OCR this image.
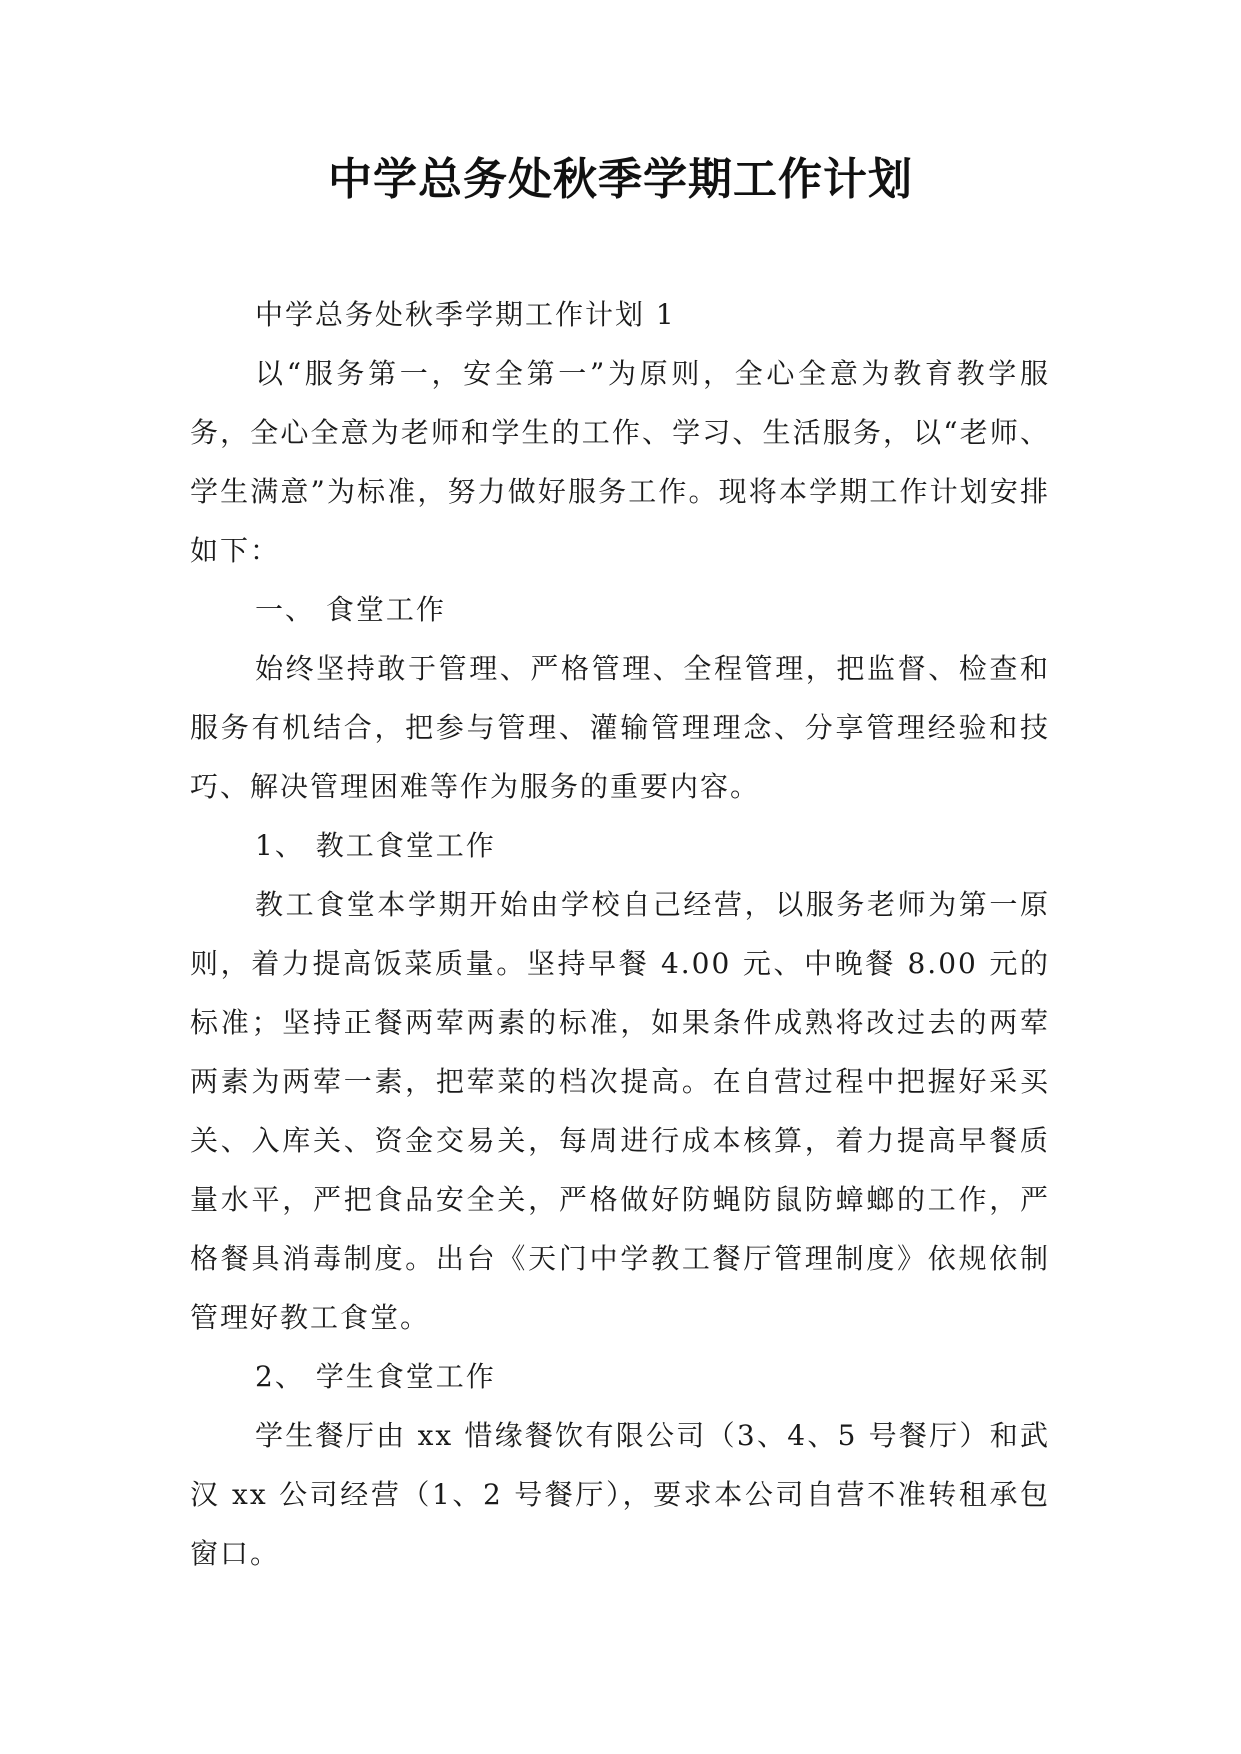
中学总务处秋季学期工作计划

中学总务处秋季学期工作计划 1

以“服务第一，安全第一”为原则，全心全意为教育教学服务，全心全意为老师和学生的工作、学习、生活服务，以“老师、学生满意”为标准，努力做好服务工作。现将本学期工作计划安排如下：

一、 食堂工作

始终坚持敢于管理、严格管理、全程管理，把监督、检查和服务有机结合，把参与管理、灌输管理理念、分享管理经验和技巧、解决管理困难等作为服务的重要内容。

1、 教工食堂工作

教工食堂本学期开始由学校自己经营，以服务老师为第一原则，着力提高饭菜质量。坚持早餐 4.00 元、中晚餐 8.00 元的标准；坚持正餐两荤两素的标准，如果条件成熟将改过去的两荤两素为两荤一素，把荤菜的档次提高。在自营过程中把握好采买关、入库关、资金交易关，每周进行成本核算，着力提高早餐质量水平，严把食品安全关，严格做好防蝇防鼠防蟑螂的工作，严格餐具消毒制度。出台《天门中学教工餐厅管理制度》依规依制管理好教工食堂。

2、 学生食堂工作

学生餐厅由 xx 惜缘餐饮有限公司（3、4、5 号餐厅）和武汉 xx 公司经营（1、2 号餐厅），要求本公司自营不准转租承包窗口。
